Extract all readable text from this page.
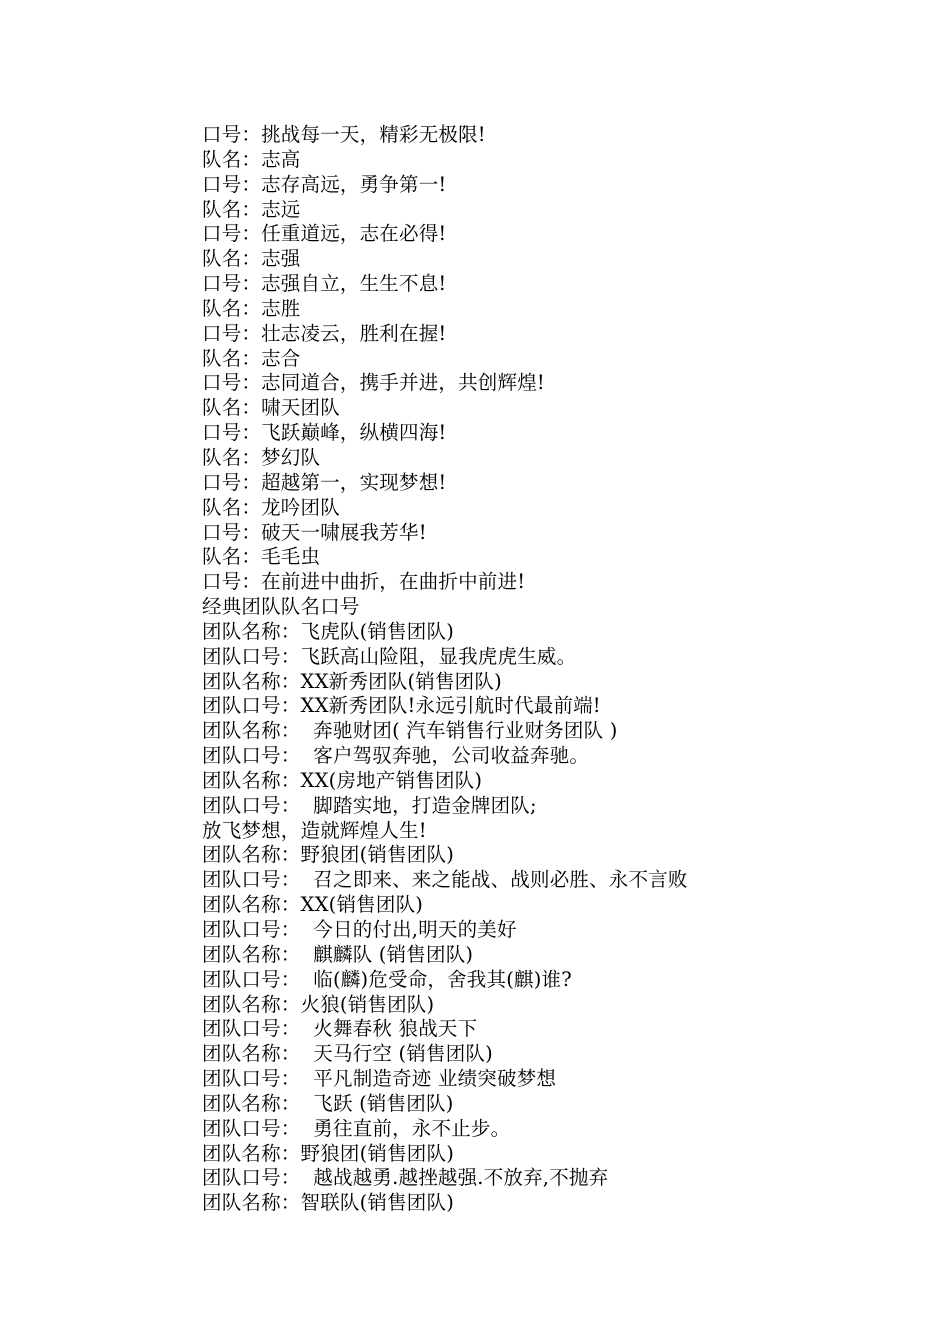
口号：挑战每一天，精彩无极限!
队名：志高
口号：志存高远，勇争第一!
队名：志远
口号：任重道远，志在必得!
队名：志强
口号：志强自立，生生不息!
队名：志胜
口号：壮志凌云，胜利在握!
队名：志合
口号：志同道合，携手并进，共创辉煌!
队名：啸天团队
口号：飞跃巅峰，纵横四海!
队名：梦幻队
口号：超越第一，实现梦想!
队名：龙吟团队
口号：破天一啸展我芳华!
队名：毛毛虫
口号：在前进中曲折，在曲折中前进!
经典团队队名口号
团队名称：飞虎队(销售团队)
团队口号：飞跃高山险阻，显我虎虎生威。
团队名称：XX新秀团队(销售团队)
团队口号：XX新秀团队!永远引航时代最前端!
团队名称：  奔驰财团( 汽车销售行业财务团队 )
团队口号：  客户驾驭奔驰，公司收益奔驰。
团队名称：XX(房地产销售团队)
团队口号：  脚踏实地，打造金牌团队;
放飞梦想，造就辉煌人生!
团队名称：野狼团(销售团队)
团队口号：  召之即来、来之能战、战则必胜、永不言败
团队名称：XX(销售团队)
团队口号：  今日的付出,明天的美好
团队名称：  麒麟队 (销售团队)
团队口号：  临(麟)危受命，舍我其(麒)谁?
团队名称：火狼(销售团队)
团队口号：  火舞春秋 狼战天下
团队名称：  天马行空 (销售团队)
团队口号：  平凡制造奇迹 业绩突破梦想
团队名称：  飞跃 (销售团队)
团队口号：  勇往直前，永不止步。
团队名称：野狼团(销售团队)
团队口号：  越战越勇.越挫越强.不放弃,不抛弃
团队名称：智联队(销售团队)
